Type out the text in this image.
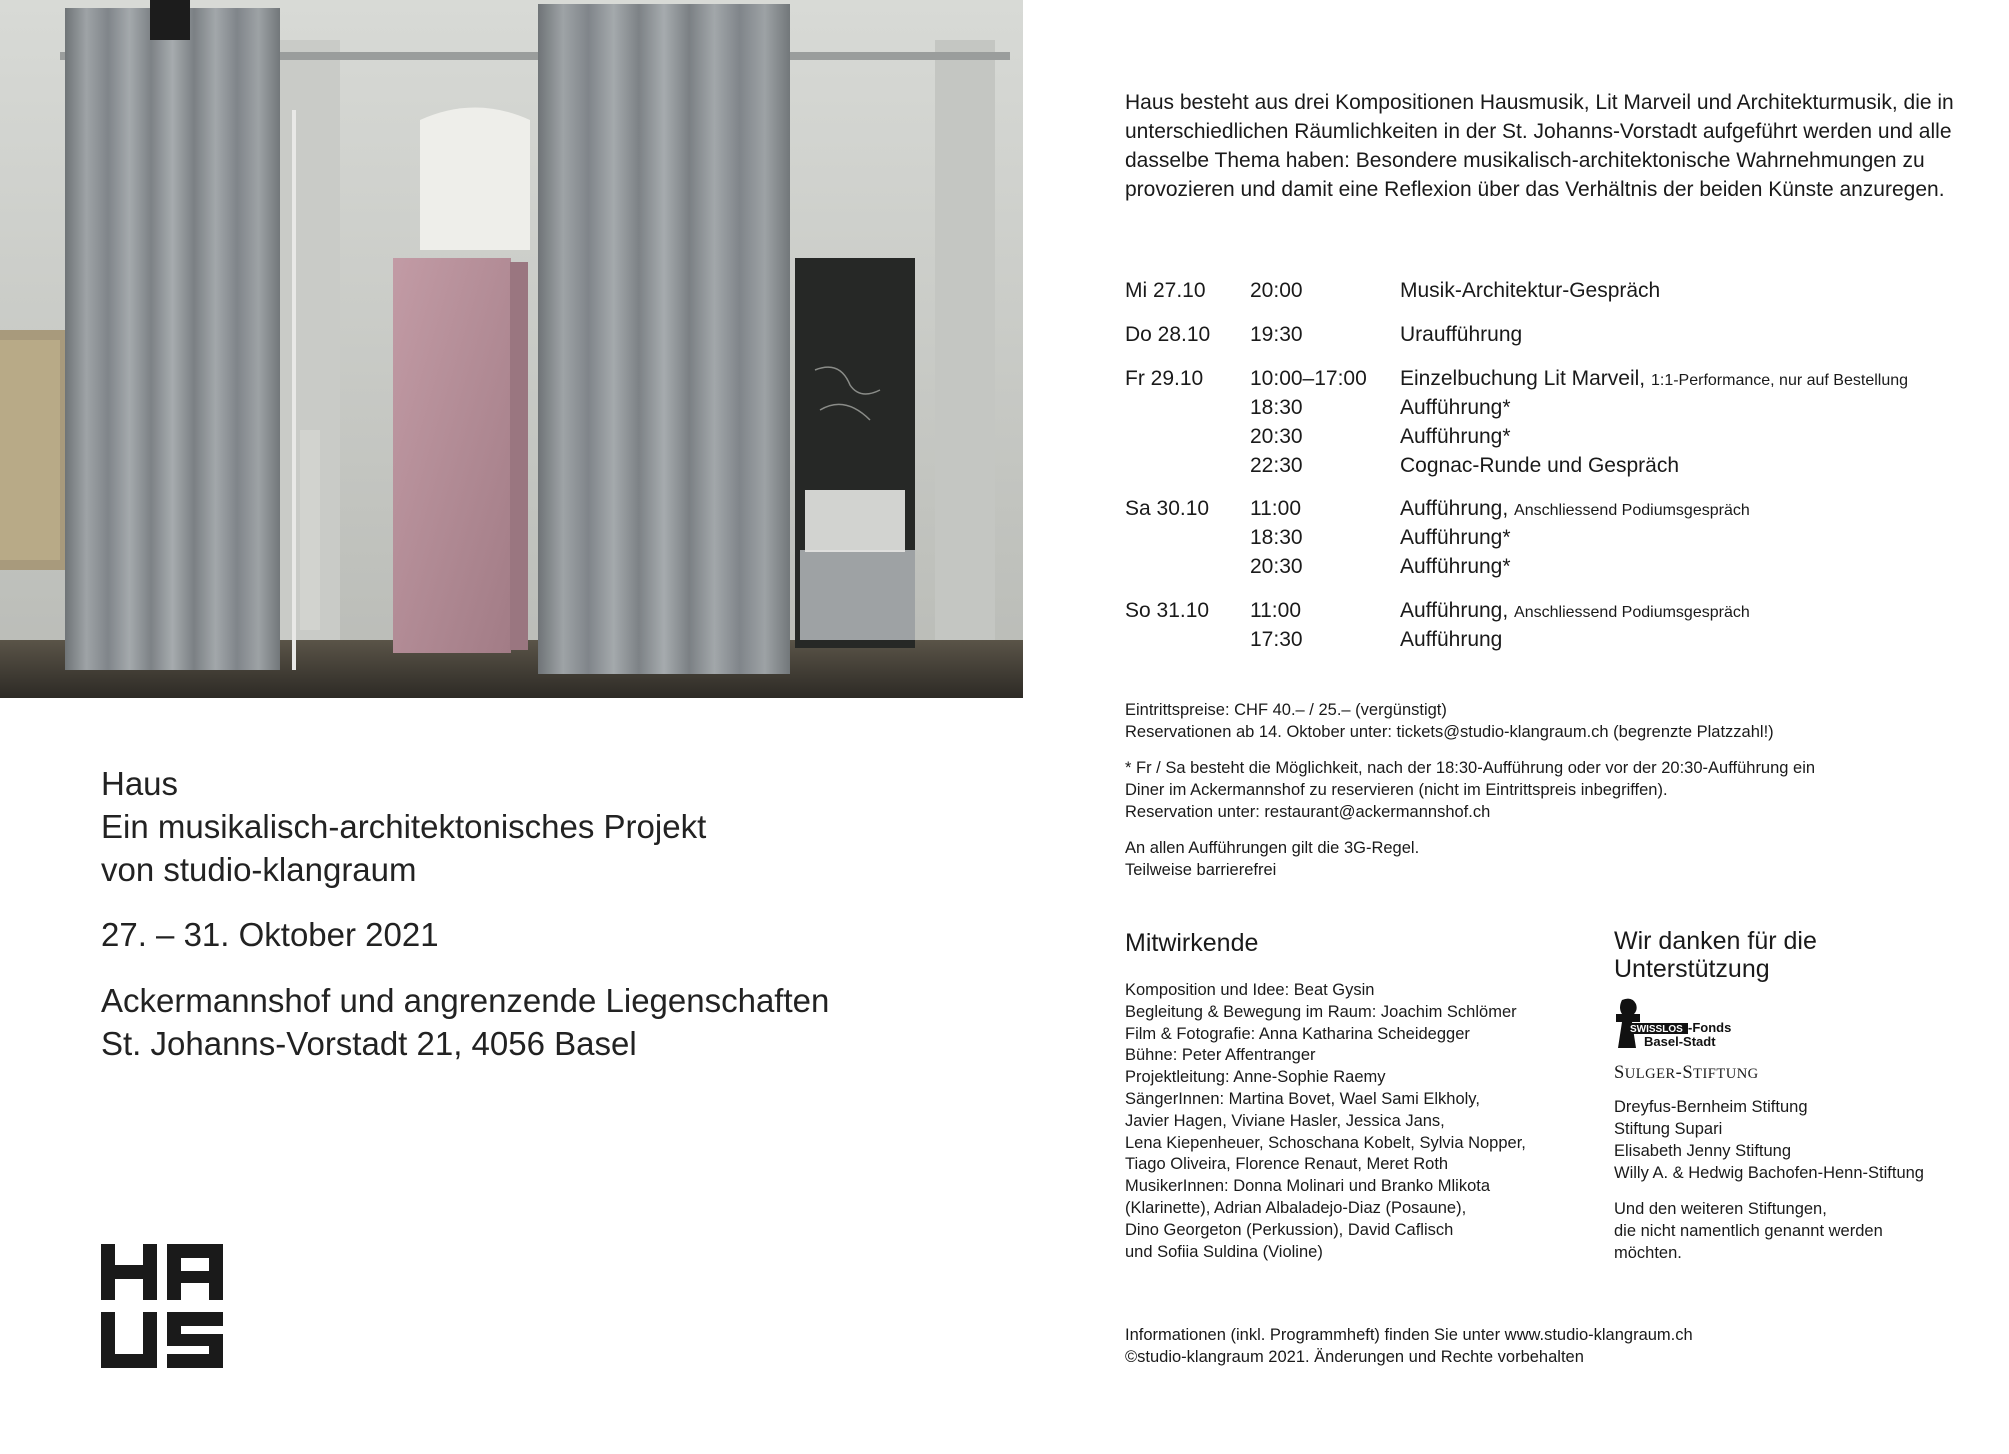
Haus
Ein musikalisch-architektonisches Projekt
von studio-klangraum
27. – 31. Oktober 2021
Ackermannshof und angrenzende Liegenschaften
St. Johanns-Vorstadt 21, 4056 Basel
Haus besteht aus drei Kompositionen Hausmusik, Lit Marveil und Architekturmusik, die in unterschiedlichen Räumlichkeiten in der St. Johanns-Vorstadt aufgeführt werden und alle dasselbe Thema haben: Besondere musikalisch-architektonische Wahrnehmungen zu provozieren und damit eine Reflexion über das Verhältnis der beiden Künste anzuregen.
Mi 27.10 20:00	Musik-Architektur-Gespräch
Do 28.10 19:30	Uraufführung
Fr 29.10 10:00–17:00 Einzelbuchung Lit Marveil, 1:1-Performance, nur auf Bestellung
18:30	Aufführung*
20:30	Aufführung*
22:30	Cognac-Runde und Gespräch
Sa 30.10 11:00	Aufführung, Anschliessend Podiumsgespräch
18:30	Aufführung*
20:30	Aufführung*
So 31.10 11:00	Aufführung, Anschliessend Podiumsgespräch
17:30	Aufführung

Eintrittspreise: CHF 40.– / 25.– (vergünstigt)

Reservationen ab 14. Oktober unter: tickets@studio-klangraum.ch (begrenzte Platzzahl!)

* Fr / Sa besteht die Möglichkeit, nach der 18:30-Aufführung oder vor der 20:30-Aufführung ein

Diner im Ackermannshof zu reservieren (nicht im Eintrittspreis inbegriffen).

Reservation unter: restaurant@ackermannshof.ch

An allen Aufführungen gilt die 3G-Regel.

Teilweise barrierefrei

Mitwirkende
Komposition und Idee: Beat Gysin
Begleitung & Bewegung im Raum: Joachim Schlömer
Film & Fotografie: Anna Katharina Scheidegger
Bühne: Peter Affentranger
Projektleitung: Anne-Sophie Raemy
SängerInnen: Martina Bovet, Wael Sami Elkholy,
Javier Hagen, Viviane Hasler, Jessica Jans,
Lena Kiepenheuer, Schoschana Kobelt, Sylvia Nopper,
Tiago Oliveira, Florence Renaut, Meret Roth
MusikerInnen: Donna Molinari und Branko Mlikota
(Klarinette), Adrian Albaladejo-Diaz (Posaune),
Dino Georgeton (Perkussion), David Caflisch
und Sofiia Suldina (Violine)
Wir danken für die
Unterstützung
SWISSLOS -Fonds
Basel-Stadt
SULGER-STIFTUNG
Dreyfus-Bernheim Stiftung
Stiftung Supari
Elisabeth Jenny Stiftung
Willy A. & Hedwig Bachofen-Henn-Stiftung
Und den weiteren Stiftungen,
die nicht namentlich genannt werden
möchten.
Informationen (inkl. Programmheft) finden Sie unter www.studio-klangraum.ch
©studio-klangraum 2021. Änderungen und Rechte vorbehalten
